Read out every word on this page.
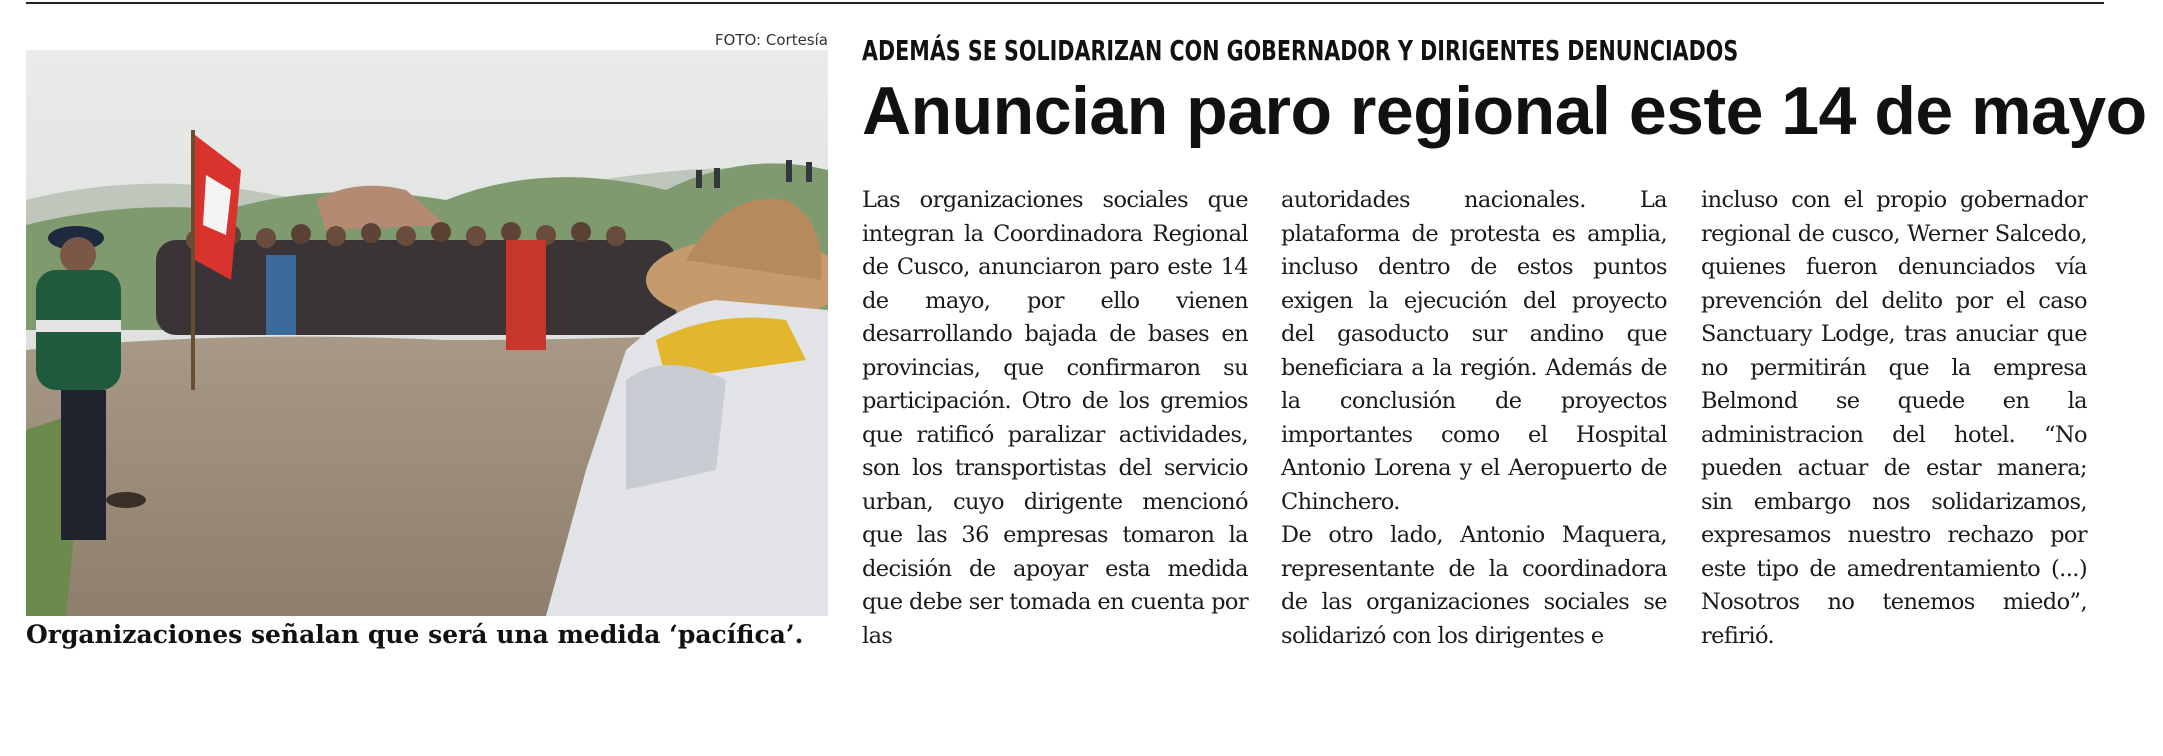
FOTO: Cortesía
Organizaciones señalan que será una medida ‘pacífica’.
ADEMÁS SE SOLIDARIZAN CON GOBERNADOR Y DIRIGENTES DENUNCIADOS
Anuncian paro regional este 14 de mayo

Las organizaciones sociales que integran la Coordinadora Regional de Cusco, anunciaron paro este 14 de mayo, por ello vienen desarrollando bajada de bases en provincias, que confirmaron su participación. Otro de los gremios que ratificó paralizar actividades, son los transportistas del servicio urban, cuyo dirigente mencionó que las 36 empresas tomaron la decisión de apoyar esta medida que debe ser tomada en cuenta por las

autoridades nacionales. La plataforma de protesta es amplia, incluso dentro de estos puntos exigen la ejecución del proyecto del gasoducto sur andino que beneficiara a la región. Además de la conclusión de proyectos importantes como el Hospital Antonio Lorena y el Aeropuerto de Chinchero.

De otro lado, Antonio Maquera, representante de la coordinadora de las organizaciones sociales se solidarizó con los dirigentes e

incluso con el propio gobernador regional de cusco, Werner Salcedo, quienes fueron denunciados vía prevención del delito por el caso Sanctuary Lodge, tras anuciar que no permitirán que la empresa Belmond se quede en la administracion del hotel. “No pueden actuar de estar manera; sin embargo nos solidarizamos, expresamos nuestro rechazo por este tipo de amedrentamiento (...) Nosotros no tenemos miedo”, refirió.
